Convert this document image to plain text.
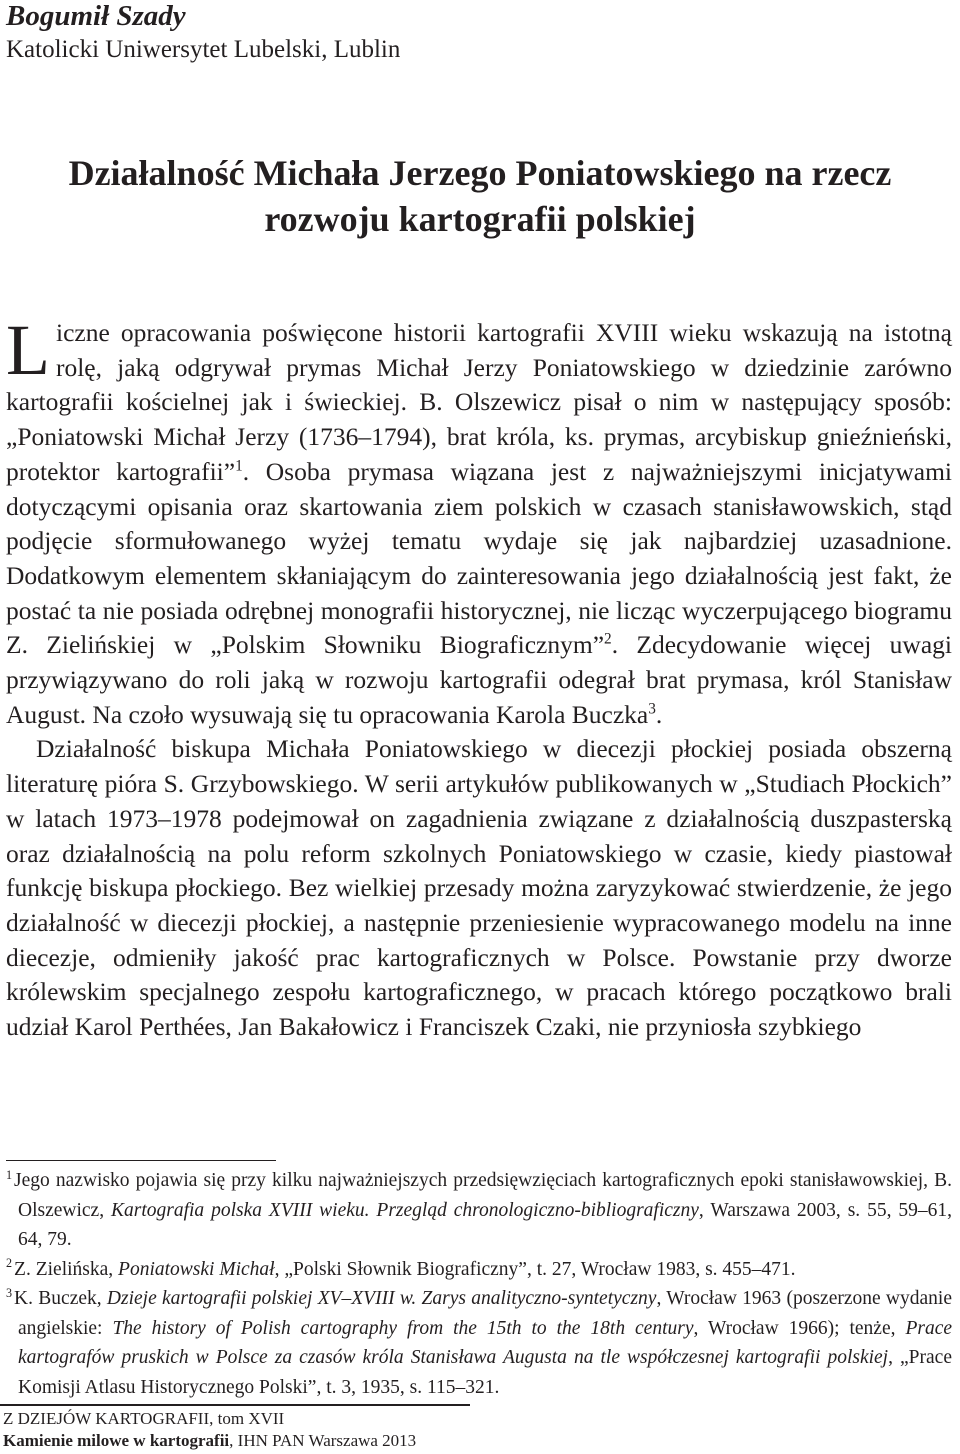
Bogumił Szady
Katolicki Uniwersytet Lubelski, Lublin
Działalność Michała Jerzego Poniatowskiego na rzecz
rozwoju kartografii polskiej

Liczne opracowania poświęcone historii kartografii XVIII wieku wskazują na istotną rolę, jaką odgrywał prymas Michał Jerzy Poniatowskiego w dziedzinie zarówno kartografii kościelnej jak i świeckiej. B. Olszewicz pisał o nim w następujący sposób: „Poniatowski Michał Jerzy (1736–1794), brat króla, ks. prymas, arcybiskup gnieźnieński, protektor kartografii”$^1$. Osoba prymasa wiązana jest z najważniejszymi inicjatywami dotyczącymi opisania oraz skartowania ziem polskich w czasach stanisławowskich, stąd podjęcie sformułowanego wyżej tematu wydaje się jak najbardziej uzasadnione. Dodatkowym elementem skłaniającym do zainteresowania jego działalnością jest fakt, że postać ta nie posiada odrębnej monografii historycznej, nie licząc wyczerpującego biogramu Z. Zielińskiej w „Polskim Słowniku Biograficznym”$^2$. Zdecydowanie więcej uwagi przywiązywano do roli jaką w rozwoju kartografii odegrał brat prymasa, król Stanisław August. Na czoło wysuwają się tu opracowania Karola Buczka$^3$.

Działalność biskupa Michała Poniatowskiego w diecezji płockiej posiada obszerną literaturę pióra S. Grzybowskiego. W serii artykułów publikowanych w „Studiach Płockich” w latach 1973–1978 podejmował on zagadnienia związane z działalnością duszpasterską oraz działalnością na polu reform szkolnych Poniatowskiego w czasie, kiedy piastował funkcję biskupa płockiego. Bez wielkiej przesady można zaryzykować stwierdzenie, że jego działalność w diecezji płockiej, a następnie przeniesienie wypracowanego modelu na inne diecezje, odmieniły jakość prac kartograficznych w Polsce. Powstanie przy dworze królewskim specjalnego zespołu kartograficznego, w pracach którego początkowo brali udział Karol Perthées, Jan Bakałowicz i Franciszek Czaki, nie przyniosła szybkiego

$^1$ Jego nazwisko pojawia się przy kilku najważniejszych przedsięwzięciach kartograficznych epoki stanisławowskiej, B. Olszewicz, Kartografia polska XVIII wieku. Przegląd chronologiczno-bibliograficzny, Warszawa 2003, s. 55, 59–61, 64, 79.

$^2$ Z. Zielińska, Poniatowski Michał, „Polski Słownik Biograficzny”, t. 27, Wrocław 1983, s. 455–471.

$^3$ K. Buczek, Dzieje kartografii polskiej XV–XVIII w. Zarys analityczno-syntetyczny, Wrocław 1963 (poszerzone wydanie angielskie: The history of Polish cartography from the 15th to the 18th century, Wrocław 1966); tenże, Prace kartografów pruskich w Polsce za czasów króla Stanisława Augusta na tle współczesnej kartografii polskiej, „Prace Komisji Atlasu Historycznego Polski”, t. 3, 1935, s. 115–321.

Z DZIEJÓW KARTOGRAFII, tom XVII
Kamienie milowe w kartografii, IHN PAN Warszawa 2013
